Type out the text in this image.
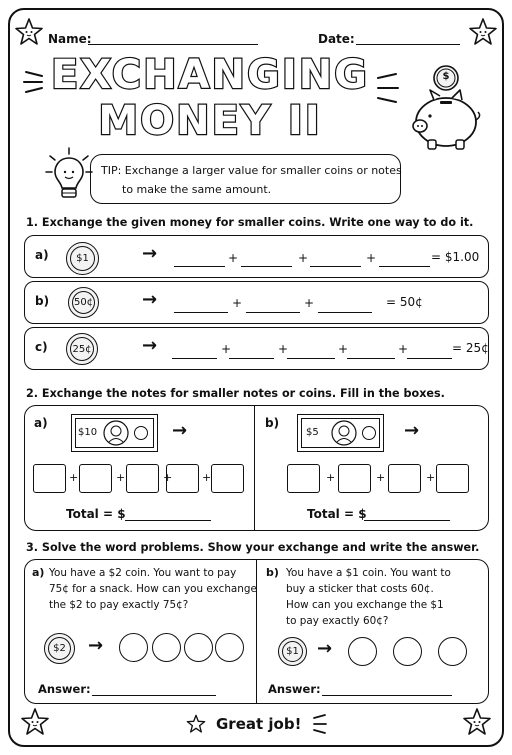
Name:	Date:
EXCHANGING
MONEY II
$
TIP: Exchange a larger value for smaller coins or notes
to make the same amount.
1. Exchange the given money for smaller coins. Write one way to do it.
a)	$1	→	+	+	+	= $1.00
b)	50¢	→	+	+	= 50¢
c)	25¢	→	+	+	+	+	= 25¢
2. Exchange the notes for smaller notes or coins. Fill in the boxes.
a)
$10	→
+	+	+	+
Total = $
b)
$5	→
+	+	+
Total = $
3. Solve the word problems. Show your exchange and write the answer.
a) You have a $2 coin. You want to pay
75¢ for a snack. How can you exchange
the $2 to pay exactly 75¢?
$2	→
Answer:
b) You have a $1 coin. You want to
buy a sticker that costs 60¢.
How can you exchange the $1
to pay exactly 60¢?
$1	→
Answer:
Great job!
